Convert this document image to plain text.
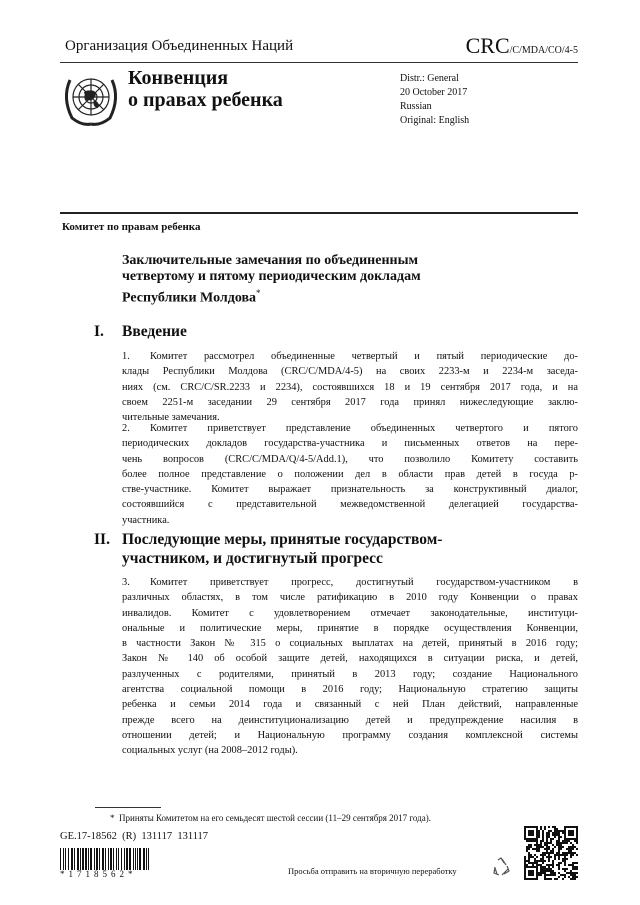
Организация Объединенных Наций	CRC/C/MDA/CO/4-5
Конвенция
о правах ребенка
Distr.: General
20 October 2017
Russian
Original: English
Комитет по правам ребенка
Заключительные замечания по объединенным
четвертому и пятому периодическим докладам
Республики Молдова*
I. Введение
1. Комитет рассмотрел объединенные четвертый и пятый периодические до-
клады Республики Молдова (CRC/C/MDA/4-5) на своих 2233-м и 2234-м заседа-
ниях (см. CRC/C/SR.2233 и 2234), состоявшихся 18 и 19 сентября 2017 года, и на
своем 2251-м заседании 29 сентября 2017 года принял нижеследующие заклю-
чительные замечания.
2. Комитет приветствует представление объединенных четвертого и пятого
периодических докладов государства-участника и письменных ответов на пере-
чень вопросов (CRC/C/MDA/Q/4-5/Add.1), что позволило Комитету составить
более полное представление о положении дел в области прав детей в госуда р-
стве-участнике. Комитет выражает признательность за конструктивный диалог,
состоявшийся с представительной межведомственной делегацией государства-
участника.
II. Последующие меры, принятые государством-
участником, и достигнутый прогресс
3. Комитет приветствует прогресс, достигнутый государством-участником в
различных областях, в том числе ратификацию в 2010 году Конвенции о правах
инвалидов. Комитет с удовлетворением отмечает законодательные, институци-
ональные и политические меры, принятие в порядке осуществления Конвенции,
в частности Закон № 315 о социальных выплатах на детей, принятый в 2016 году;
Закон № 140 об особой защите детей, находящихся в ситуации риска, и детей,
разлученных с родителями, принятый в 2013 году; создание Национального
агентства социальной помощи в 2016 году; Национальную стратегию защиты
ребенка и семьи 2014 года и связанный с ней План действий, направленные
прежде всего на деинституционализацию детей и предупреждение насилия в
отношении детей; и Национальную программу создания комплексной системы
социальных услуг (на 2008–2012 годы).
* Приняты Комитетом на его семьдесят шестой сессии (11–29 сентября 2017 года).
GE.17-18562  (R)  131117  131117
*1718562*	Просьба отправить на вторичную переработку
